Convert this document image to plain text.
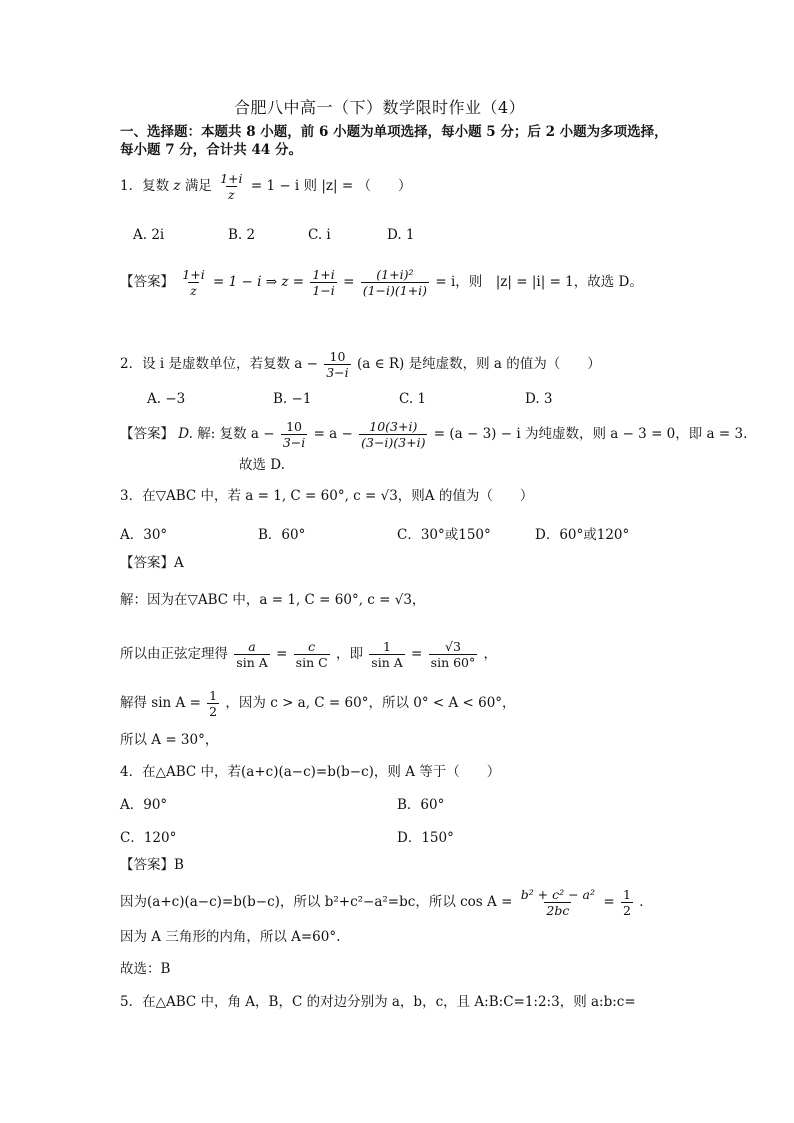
合肥八中高一（下）数学限时作业（4）
一、选择题：本题共 8 小题，前 6 小题为单项选择，每小题 5 分；后 2 小题为多项选择，
每小题 7 分，合计共 44 分。
1．复数 z 满足 $\frac{1+i}{z} = 1 - i$ 则 |z| = （　　）
A. 2i	B. 2	C. i	D. 1
【答案】 $\frac{1+i}{z} = 1 - i$ ⇒ $z = \frac{1+i}{1-i} = \frac{\text{(1+i)²}}{(1-i)(1+i)} = i$，则　|z| = |i| = 1，故选 D。
2．设 i 是虚数单位，若复数 $a - \frac{10}{3-i} (a$ ∈ R) 是纯虚数，则 a 的值为（　　）
A. −3	B. −1	C. 1	D. 3
【答案】 D. 解: 复数 $a - \frac{10}{3-i} = a - \frac{10(3+i)}{(3-i)(3+i)} = (a - 3) - i$ 为纯虚数，则 a − 3 = 0，即 a = 3.
故选 D.
3．在▽ABC 中，若 a = 1, C = 60°, c = √3，则A 的值为（　　）
A．30°	B．60°	C．30°或150°	D．60°或120°
【答案】A
解：因为在▽ABC 中，a = 1, C = 60°, c = √3，
所以由正弦定理得 $\frac{a}{\text{sin A}} = \frac{c}{\text{sin C}}$ ，即 $\frac{1}{\text{sin A}} = \frac{√3}{\sin 60^\circ}$ ，
解得 $\sin A = \frac{1}{2}$ ，因为 c > a, C = 60°，所以 0° < A < 60°，
所以 A = 30°，
4．在△ABC 中，若(a+c)(a−c)=b(b−c)，则 A 等于（　　）
A．90°	B．60°
C．120°	D．150°
【答案】B
因为(a+c)(a−c)=b(b−c)，所以 b²+c²−a²=bc，所以 $\cos A = \frac{\text{b² + c² − a²}}{2bc} = \frac{1}{2}$ .
因为 A 三角形的内角，所以 A=60°.
故选：B
5．在△ABC 中，角 A，B，C 的对边分别为 a，b，c，且 A:B:C=1:2:3，则 a:b:c=
